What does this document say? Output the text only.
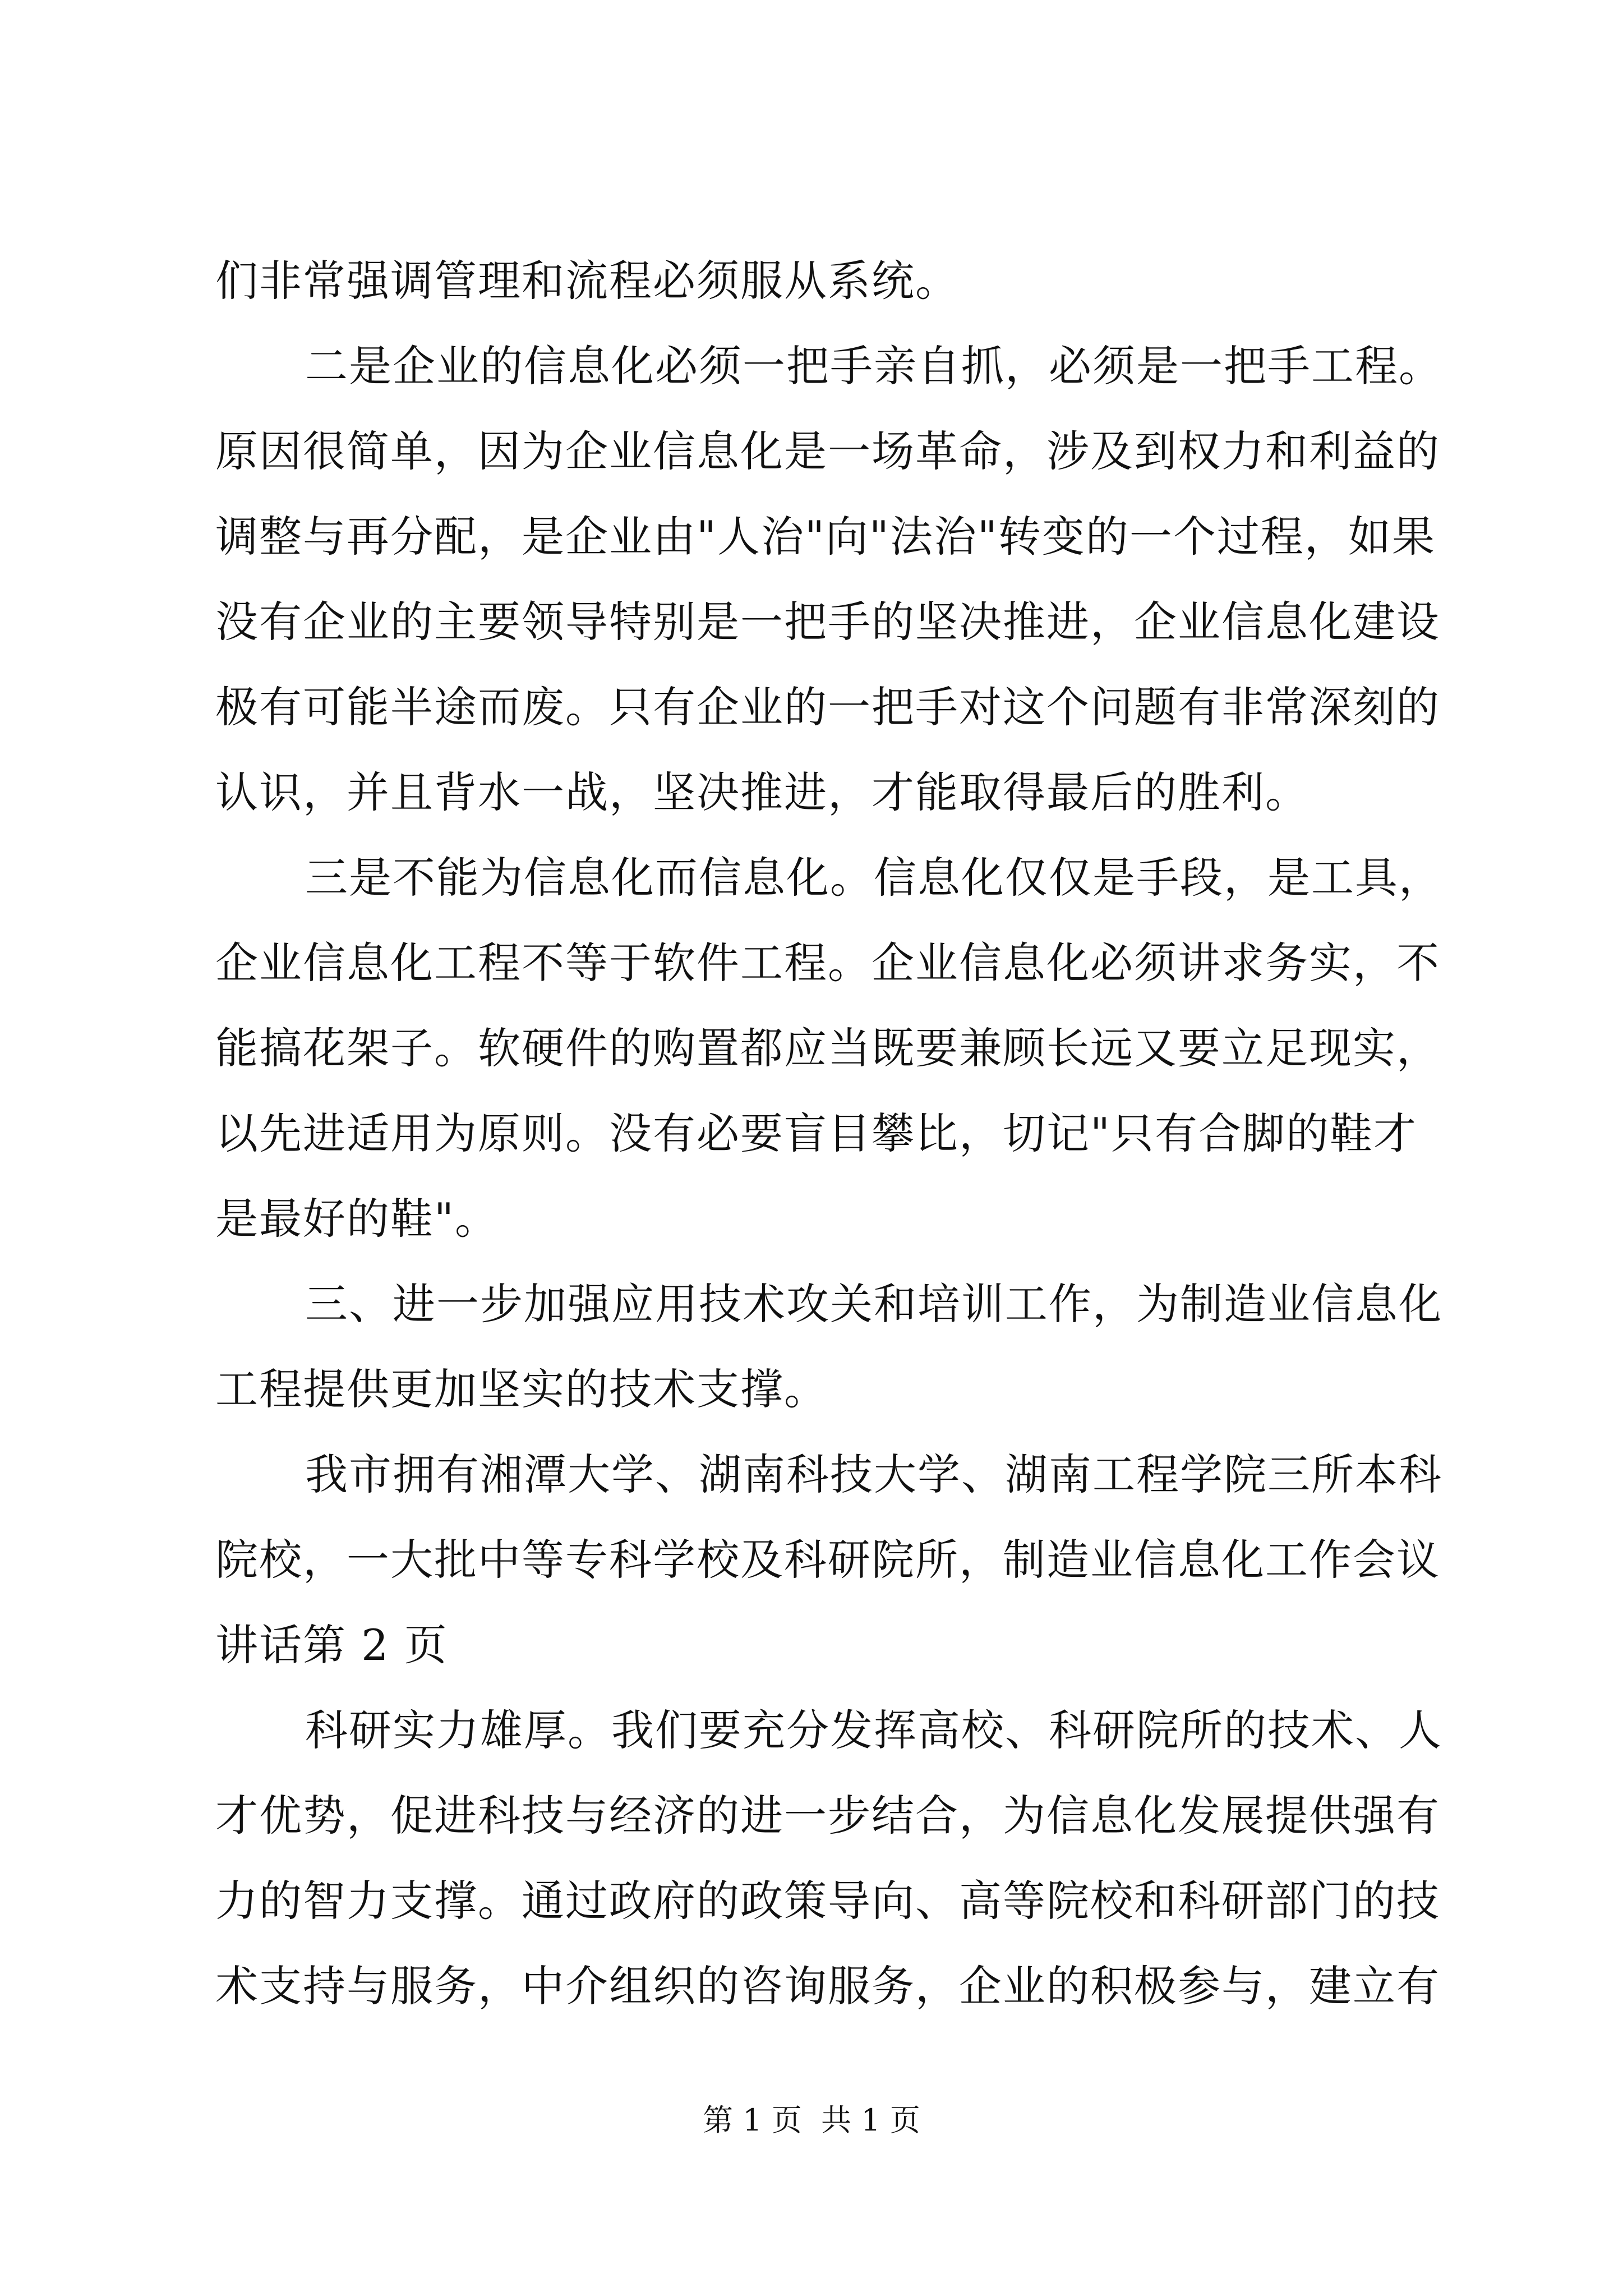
们非常强调管理和流程必须服从系统。
二是企业的信息化必须一把手亲自抓，必须是一把手工程。
原因很简单，因为企业信息化是一场革命，涉及到权力和利益的
调整与再分配，是企业由"人治"向"法治"转变的一个过程，如果
没有企业的主要领导特别是一把手的坚决推进，企业信息化建设
极有可能半途而废。只有企业的一把手对这个问题有非常深刻的
认识，并且背水一战，坚决推进，才能取得最后的胜利。
三是不能为信息化而信息化。信息化仅仅是手段，是工具，
企业信息化工程不等于软件工程。企业信息化必须讲求务实，不
能搞花架子。软硬件的购置都应当既要兼顾长远又要立足现实，
以先进适用为原则。没有必要盲目攀比，切记"只有合脚的鞋才
是最好的鞋"。
三、进一步加强应用技术攻关和培训工作，为制造业信息化
工程提供更加坚实的技术支撑。
我市拥有湘潭大学、湖南科技大学、湖南工程学院三所本科
院校，一大批中等专科学校及科研院所，制造业信息化工作会议
讲话第 2 页
科研实力雄厚。我们要充分发挥高校、科研院所的技术、人
才优势，促进科技与经济的进一步结合，为信息化发展提供强有
力的智力支撑。通过政府的政策导向、高等院校和科研部门的技
术支持与服务，中介组织的咨询服务，企业的积极参与，建立有
第 1 页  共 1 页
